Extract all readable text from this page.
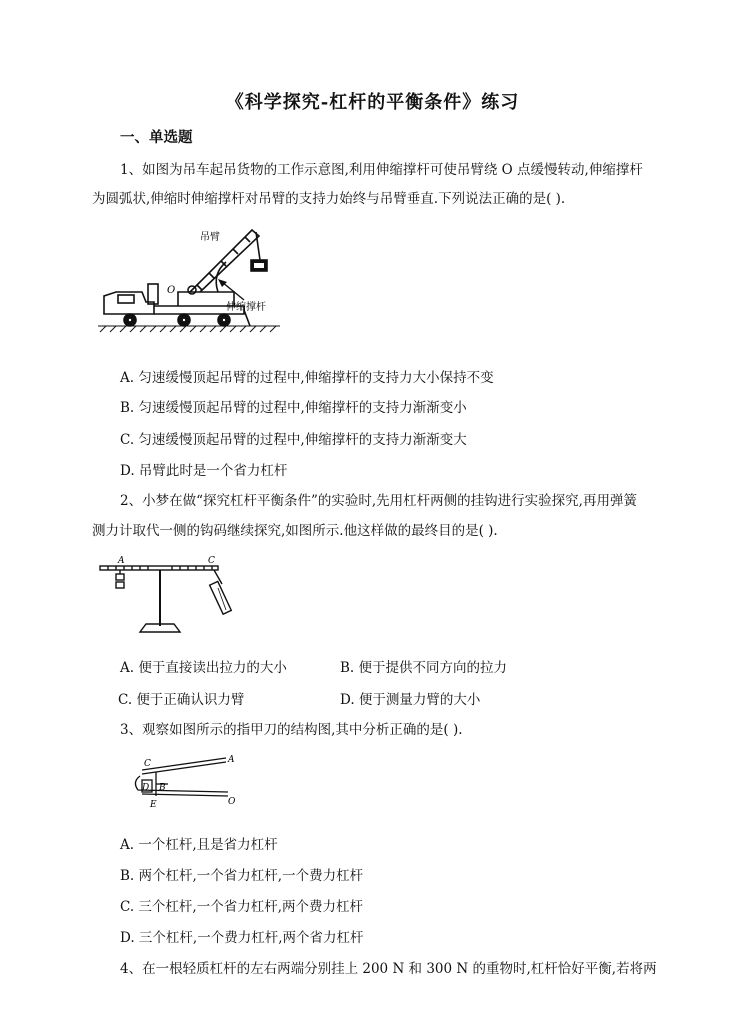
《科学探究-杠杆的平衡条件》练习
一、单选题
1、如图为吊车起吊货物的工作示意图,利用伸缩撑杆可使吊臂绕 O 点缓慢转动,伸缩撑杆
为圆弧状,伸缩时伸缩撑杆对吊臂的支持力始终与吊臂垂直.下列说法正确的是( ).
吊臂
O
伸缩撑杆
A. 匀速缓慢顶起吊臂的过程中,伸缩撑杆的支持力大小保持不变
B. 匀速缓慢顶起吊臂的过程中,伸缩撑杆的支持力渐渐变小
C. 匀速缓慢顶起吊臂的过程中,伸缩撑杆的支持力渐渐变大
D. 吊臂此时是一个省力杠杆
2、小梦在做“探究杠杆平衡条件”的实验时,先用杠杆两侧的挂钩进行实验探究,再用弹簧
测力计取代一侧的钩码继续探究,如图所示.他这样做的最终目的是( ).
A	C
A. 便于直接读出拉力的大小	B. 便于提供不同方向的拉力
C. 便于正确认识力臂	D. 便于测量力臂的大小
3、观察如图所示的指甲刀的结构图,其中分析正确的是( ).
C	A
D B
E	O
A. 一个杠杆,且是省力杠杆
B. 两个杠杆,一个省力杠杆,一个费力杠杆
C. 三个杠杆,一个省力杠杆,两个费力杠杆
D. 三个杠杆,一个费力杠杆,两个省力杠杆
4、在一根轻质杠杆的左右两端分别挂上 200 N 和 300 N 的重物时,杠杆恰好平衡,若将两
